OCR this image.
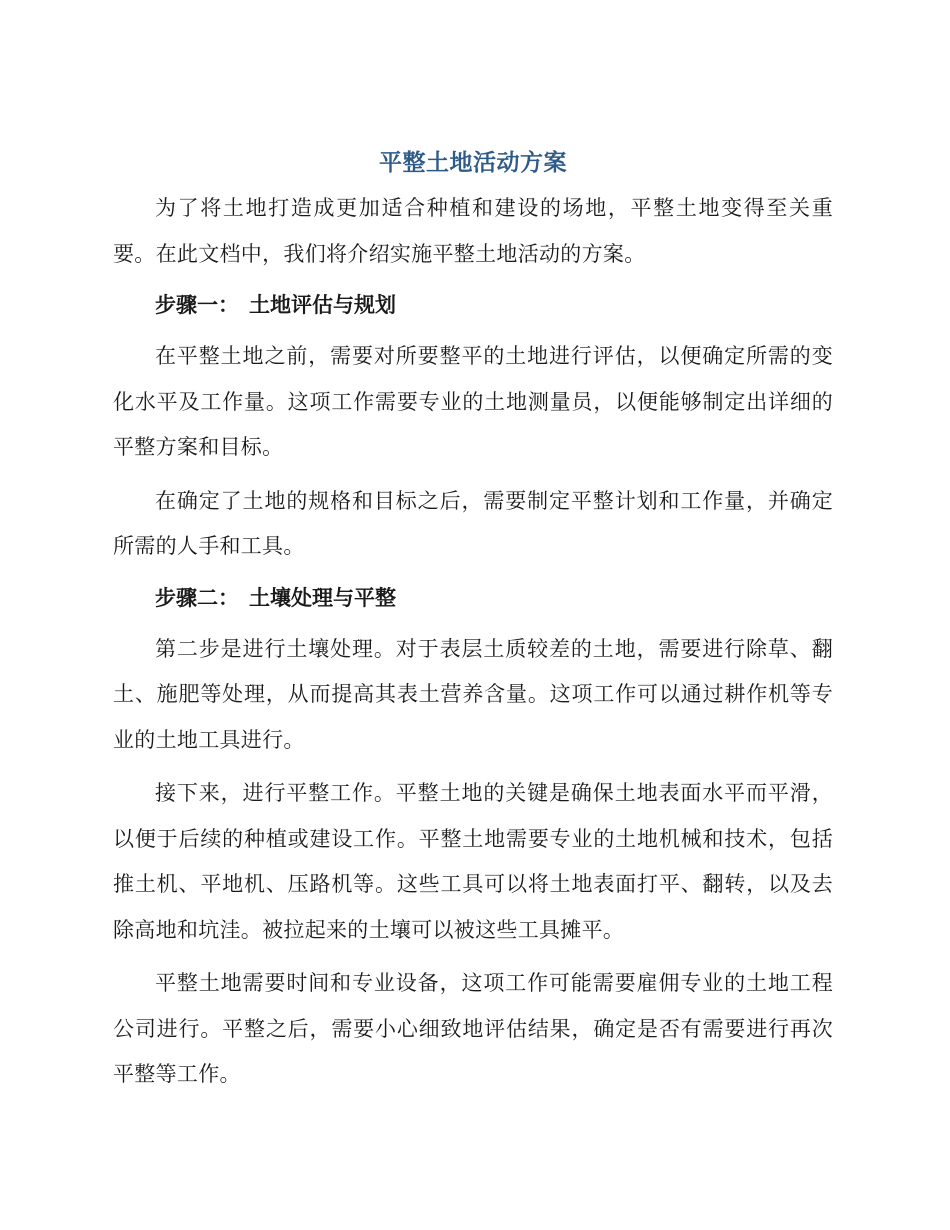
平整土地活动方案

为了将土地打造成更加适合种植和建设的场地，平整土地变得至关重要。在此文档中，我们将介绍实施平整土地活动的方案。

步骤一： 土地评估与规划

在平整土地之前，需要对所要整平的土地进行评估，以便确定所需的变化水平及工作量。这项工作需要专业的土地测量员，以便能够制定出详细的平整方案和目标。

在确定了土地的规格和目标之后，需要制定平整计划和工作量，并确定所需的人手和工具。

步骤二： 土壤处理与平整

第二步是进行土壤处理。对于表层土质较差的土地，需要进行除草、翻土、施肥等处理，从而提高其表土营养含量。这项工作可以通过耕作机等专业的土地工具进行。

接下来，进行平整工作。平整土地的关键是确保土地表面水平而平滑，以便于后续的种植或建设工作。平整土地需要专业的土地机械和技术，包括推土机、平地机、压路机等。这些工具可以将土地表面打平、翻转，以及去除高地和坑洼。被拉起来的土壤可以被这些工具摊平。

平整土地需要时间和专业设备，这项工作可能需要雇佣专业的土地工程公司进行。平整之后，需要小心细致地评估结果，确定是否有需要进行再次平整等工作。
